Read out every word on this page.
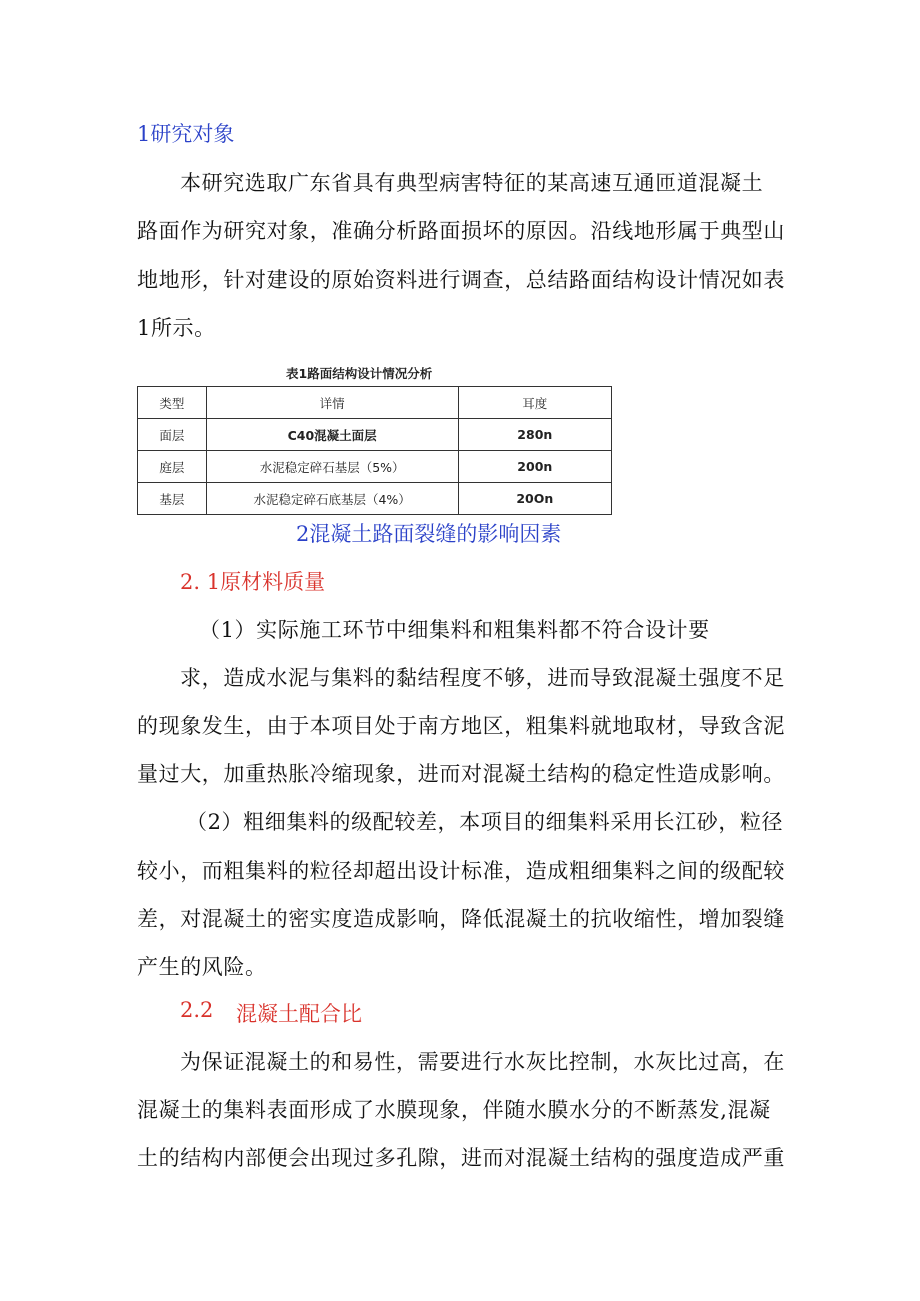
1研究对象
本研究选取广东省具有典型病害特征的某高速互通匝道混凝土
路面作为研究对象，准确分析路面损坏的原因。沿线地形属于典型山
地地形，针对建设的原始资料进行调查，总结路面结构设计情况如表
1所示。
表1路面结构设计情况分析
类型	详情	耳度
面层	C40混凝土面层	280n
庭层	水泥稳定碎石基层（5%）	200n
基层	水泥稳定碎石底基层（4%）	20On
2混凝土路面裂缝的影响因素
2. 1原材料质量
（1）实际施工环节中细集料和粗集料都不符合设计要
求，造成水泥与集料的黏结程度不够，进而导致混凝土强度不足
的现象发生，由于本项目处于南方地区，粗集料就地取材，导致含泥
量过大，加重热胀冷缩现象，进而对混凝土结构的稳定性造成影响。
（2）粗细集料的级配较差，本项目的细集料采用长江砂，粒径
较小，而粗集料的粒径却超出设计标准，造成粗细集料之间的级配较
差，对混凝土的密实度造成影响，降低混凝土的抗收缩性，增加裂缝
产生的风险。
2.2 混凝土配合比
为保证混凝土的和易性，需要进行水灰比控制，水灰比过高，在
混凝土的集料表面形成了水膜现象，伴随水膜水分的不断蒸发,混凝
土的结构内部便会出现过多孔隙，进而对混凝土结构的强度造成严重
